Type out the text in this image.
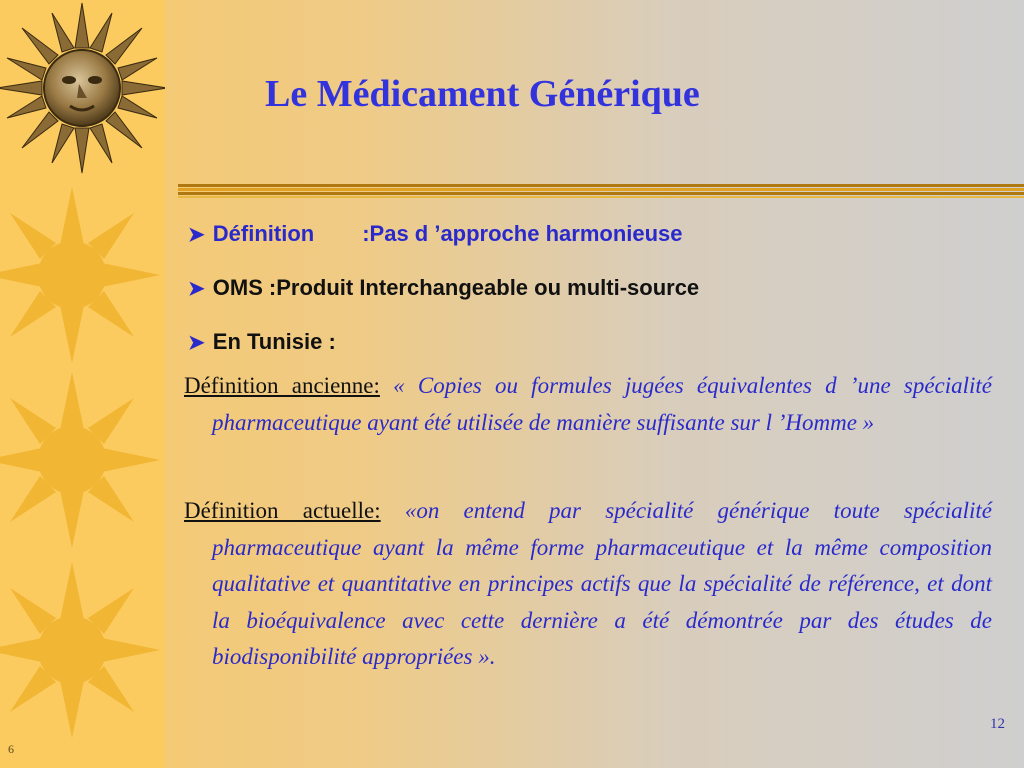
Le Médicament Générique
➤ Définition :Pas d ’approche harmonieuse
➤ OMS :Produit Interchangeable ou multi-source
➤ En Tunisie :
Définition ancienne: « Copies ou formules jugées équivalentes d ’une spécialité pharmaceutique ayant été utilisée de manière suffisante sur l ’Homme »
Définition actuelle: «on entend par spécialité générique toute spécialité pharmaceutique ayant la même forme pharmaceutique et la même composition qualitative et quantitative en principes actifs que la spécialité de référence, et dont la bioéquivalence avec cette dernière a été démontrée par des études de biodisponibilité appropriées ».
12
6
